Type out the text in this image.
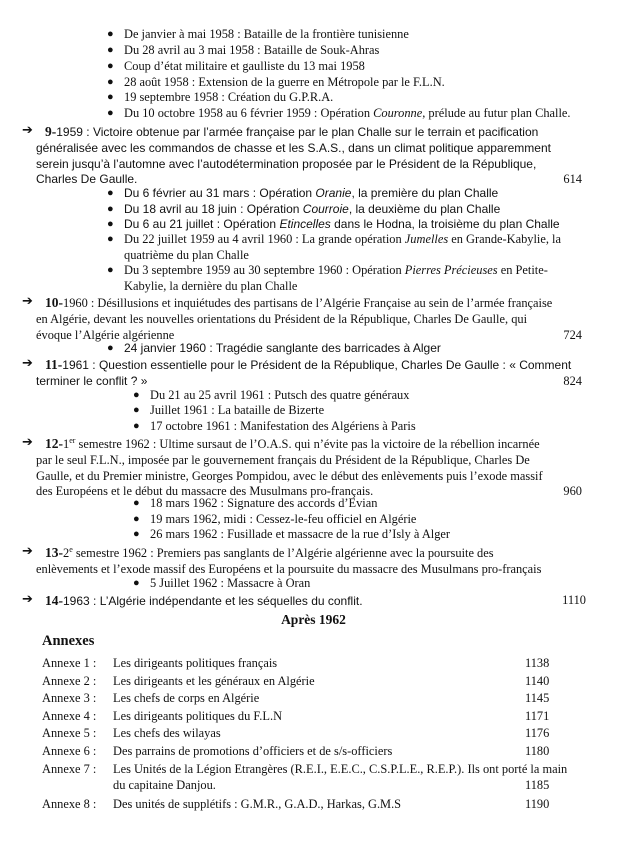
● De janvier à mai 1958 : Bataille de la frontière tunisienne
● Du 28 avril au 3 mai 1958 : Bataille de Souk-Ahras
● Coup d’état militaire et gaulliste du 13 mai 1958
● 28 août 1958 : Extension de la guerre en Métropole par le F.L.N.
● 19 septembre 1958 : Création du G.P.R.A.
● Du 10 octobre 1958 au 6 février 1959 : Opération Couronne, prélude au futur plan Challe.
➔ 9-1959 : Victoire obtenue par l’armée française par le plan Challe sur le terrain et pacification
généralisée avec les commandos de chasse et les S.A.S., dans un climat politique apparemment
serein jusqu’à l’automne avec l’autodétermination proposée par le Président de la République,
Charles De Gaulle.	614
● Du 6 février au 31 mars : Opération Oranie, la première du plan Challe
● Du 18 avril au 18 juin : Opération Courroie, la deuxième du plan Challe
● Du 6 au 21 juillet : Opération Etincelles dans le Hodna, la troisième du plan Challe
● Du 22 juillet 1959 au 4 avril 1960 : La grande opération Jumelles en Grande-Kabylie, la
quatrième du plan Challe
● Du 3 septembre 1959 au 30 septembre 1960 : Opération Pierres Précieuses en Petite-
Kabylie, la dernière du plan Challe
➔ 10-1960 : Désillusions et inquiétudes des partisans de l’Algérie Française au sein de l’armée française
en Algérie, devant les nouvelles orientations du Président de la République, Charles De Gaulle, qui
évoque l’Algérie algérienne	724
● 24 janvier 1960 : Tragédie sanglante des barricades à Alger
➔ 11-1961 : Question essentielle pour le Président de la République, Charles De Gaulle : « Comment
terminer le conflit ? »	824
● Du 21 au 25 avril 1961 : Putsch des quatre généraux
● Juillet 1961 : La bataille de Bizerte
● 17 octobre 1961 : Manifestation des Algériens à Paris
➔ 12-1er semestre 1962 : Ultime sursaut de l’O.A.S. qui n’évite pas la victoire de la rébellion incarnée
par le seul F.L.N., imposée par le gouvernement français du Président de la République, Charles De
Gaulle, et du Premier ministre, Georges Pompidou, avec le début des enlèvements puis l’exode massif
des Européens et le début du massacre des Musulmans pro-français.	960
● 18 mars 1962 : Signature des accords d’Evian
● 19 mars 1962, midi : Cessez-le-feu officiel en Algérie
● 26 mars 1962 : Fusillade et massacre de la rue d’Isly à Alger
➔ 13-2e semestre 1962 : Premiers pas sanglants de l’Algérie algérienne avec la poursuite des
enlèvements et l’exode massif des Européens et la poursuite du massacre des Musulmans pro-français
● 5 Juillet 1962 : Massacre à Oran
➔ 14-1963 : L’Algérie indépendante et les séquelles du conflit.	1110
Après 1962
Annexes
Annexe 1 : Les dirigeants politiques français	1138
Annexe 2 : Les dirigeants et les généraux en Algérie	1140
Annexe 3 : Les chefs de corps en Algérie	1145
Annexe 4 : Les dirigeants politiques du F.L.N	1171
Annexe 5 : Les chefs des wilayas	1176
Annexe 6 : Des parrains de promotions d’officiers et de s/s-officiers	1180
Annexe 7 : Les Unités de la Légion Etrangères (R.E.I., E.E.C., C.S.P.L.E., R.E.P.). Ils ont porté la main
du capitaine Danjou.	1185
Annexe 8 : Des unités de supplétifs : G.M.R., G.A.D., Harkas, G.M.S	1190
